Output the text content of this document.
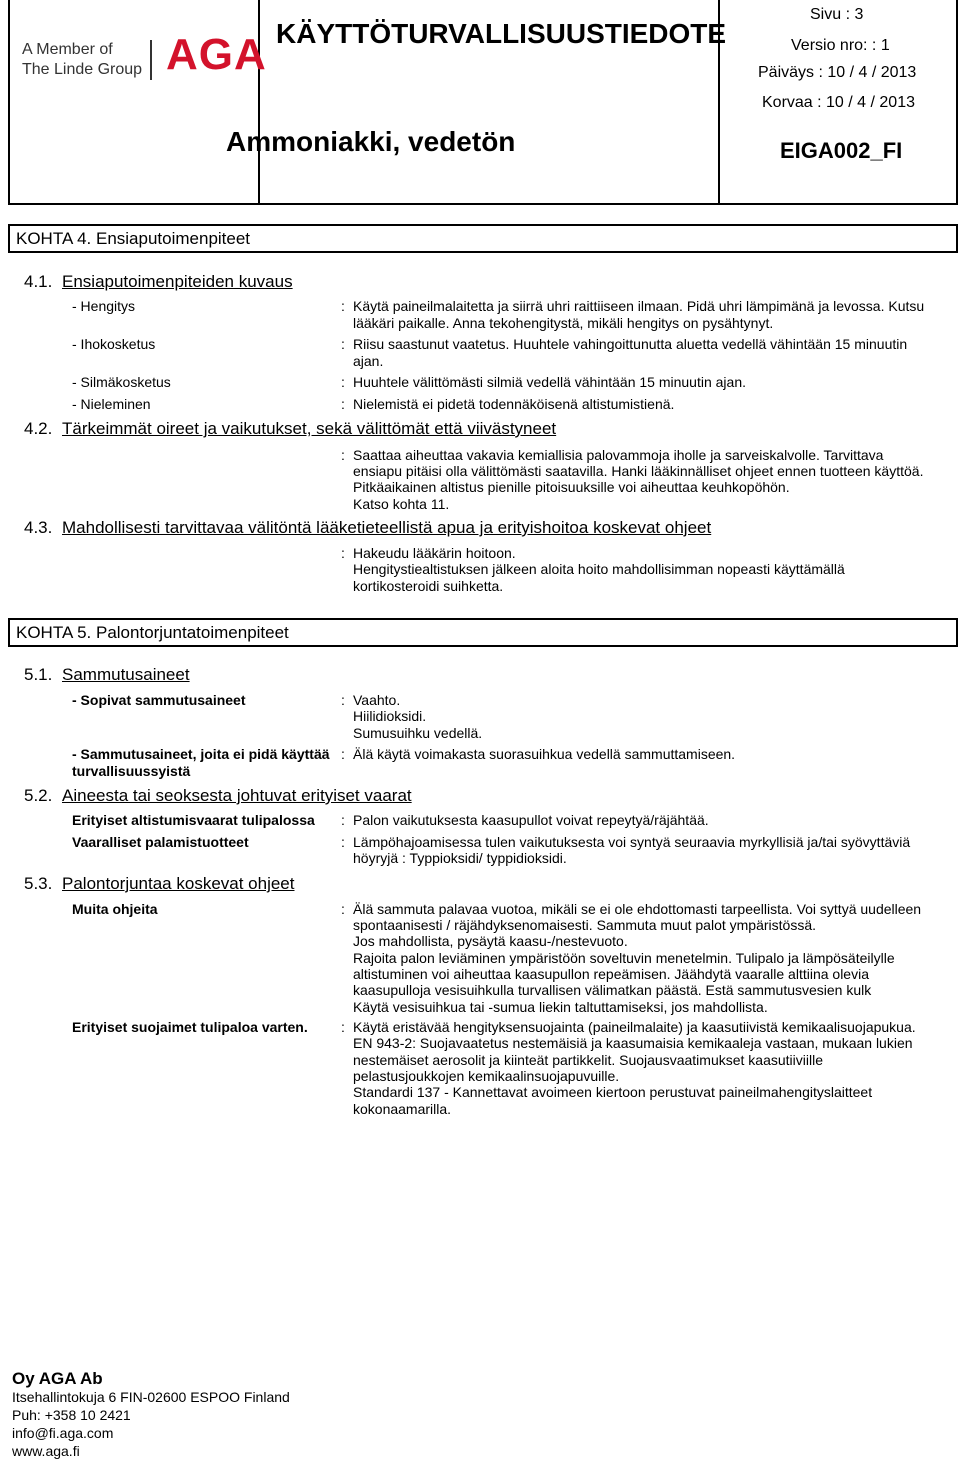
A Member of
The Linde Group AGA KÄYTTÖTURVALLISUUSTIEDOTE
Ammoniakki, vedetön
Sivu : 3
Versio nro: : 1
Päiväys : 10 / 4 / 2013
Korvaa : 10 / 4 / 2013
EIGA002_FI
KOHTA 4. Ensiaputoimenpiteet
4.1. Ensiaputoimenpiteiden kuvaus
- Hengitys	: Käytä paineilmalaitetta ja siirrä uhri raittiiseen ilmaan. Pidä uhri lämpimänä ja levossa. Kutsu lääkäri paikalle. Anna tekohengitystä, mikäli hengitys on pysähtynyt.
- Ihokosketus	: Riisu saastunut vaatetus. Huuhtele vahingoittunutta aluetta vedellä vähintään 15 minuutin ajan.
- Silmäkosketus	: Huuhtele välittömästi silmiä vedellä vähintään 15 minuutin ajan.
- Nieleminen	: Nielemistä ei pidetä todennäköisenä altistumistienä.
4.2. Tärkeimmät oireet ja vaikutukset, sekä välittömät että viivästyneet
: Saattaa aiheuttaa vakavia kemiallisia palovammoja iholle ja sarveiskalvolle. Tarvittava
ensiapu pitäisi olla välittömästi saatavilla. Hanki lääkinnälliset ohjeet ennen tuotteen käyttöä.
Pitkäaikainen altistus pienille pitoisuuksille voi aiheuttaa keuhkopöhön.
Katso kohta 11.
4.3. Mahdollisesti tarvittavaa välitöntä lääketieteellistä apua ja erityishoitoa koskevat ohjeet
: Hakeudu lääkärin hoitoon.
Hengitystiealtistuksen jälkeen aloita hoito mahdollisimman nopeasti käyttämällä
kortikosteroidi suihketta.
KOHTA 5. Palontorjuntatoimenpiteet
5.1. Sammutusaineet
- Sopivat sammutusaineet	: Vaahto.
Hiilidioksidi.
Sumusuihku vedellä.
- Sammutusaineet, joita ei pidä käyttää
turvallisuussyistä
: Älä käytä voimakasta suorasuihkua vedellä sammuttamiseen.
5.2. Aineesta tai seoksesta johtuvat erityiset vaarat
Erityiset altistumisvaarat tulipalossa : Palon vaikutuksesta kaasupullot voivat repeytyä/räjähtää.
Vaaralliset palamistuotteet	: Lämpöhajoamisessa tulen vaikutuksesta voi syntyä seuraavia myrkyllisiä ja/tai syövyttäviä
höyryjä : Typpioksidi/ typpidioksidi.
5.3. Palontorjuntaa koskevat ohjeet
Muita ohjeita	: Älä sammuta palavaa vuotoa, mikäli se ei ole ehdottomasti tarpeellista. Voi syttyä uudelleen
spontaanisesti / räjähdyksenomaisesti. Sammuta muut palot ympäristössä.
Jos mahdollista, pysäytä kaasu-/nestevuoto.
Rajoita palon leviäminen ympäristöön soveltuvin menetelmin. Tulipalo ja lämpösäteilylle
altistuminen voi aiheuttaa kaasupullon repeämisen. Jäähdytä vaaralle alttiina olevia
kaasupulloja vesisuihkulla turvallisen välimatkan päästä. Estä sammutusvesien kulk
Käytä vesisuihkua tai -sumua liekin taltuttamiseksi, jos mahdollista.
Erityiset suojaimet tulipaloa varten. : Käytä eristävää hengityksensuojainta (paineilmalaite) ja kaasutiivistä kemikaalisuojapukua.
EN 943-2: Suojavaatetus nestemäisiä ja kaasumaisia kemikaaleja vastaan, mukaan lukien
nestemäiset aerosolit ja kiinteät partikkelit. Suojausvaatimukset kaasutiiviille
pelastusjoukkojen kemikaalinsuojapuvuille.
Standardi 137 - Kannettavat avoimeen kiertoon perustuvat paineilmahengityslaitteet
kokonaamarilla.
Oy AGA Ab
Itsehallintokuja 6 FIN-02600 ESPOO Finland
Puh: +358 10 2421
info@fi.aga.com
www.aga.fi
